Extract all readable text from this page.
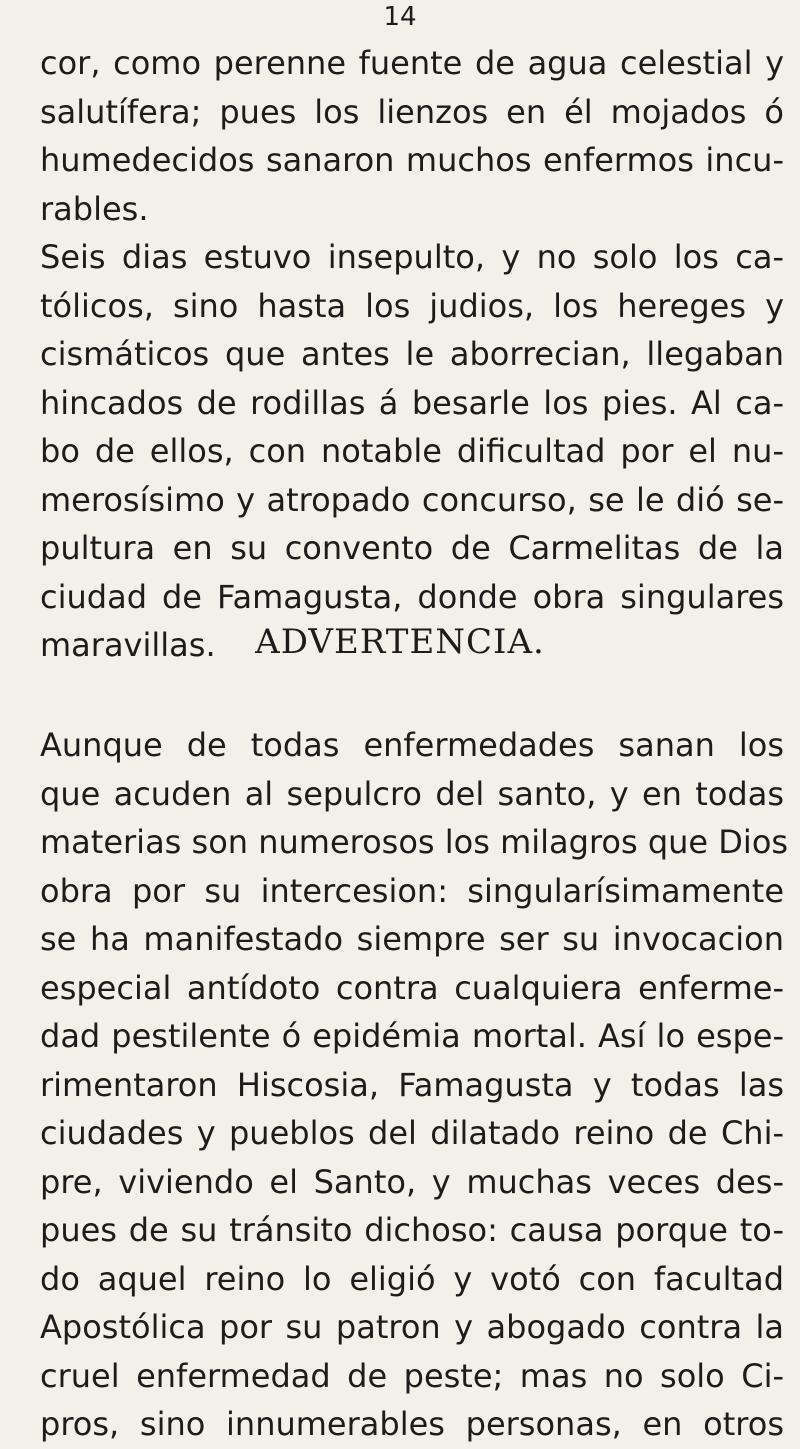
14
cor, como perenne fuente de agua celestial y
salutífera; pues los lienzos en él mojados ó
humedecidos sanaron muchos enfermos incu-
rables.
Seis dias estuvo insepulto, y no solo los ca-
tólicos, sino hasta los judios, los hereges y
cismáticos que antes le aborrecian, llegaban
hincados de rodillas á besarle los pies. Al ca-
bo de ellos, con notable dificultad por el nu-
merosísimo y atropado concurso, se le dió se-
pultura en su convento de Carmelitas de la
ciudad de Famagusta, donde obra singulares
maravillas.	ADVERTENCIA.
Aunque de todas enfermedades sanan los
que acuden al sepulcro del santo, y en todas
materias son numerosos los milagros que Dios
obra por su intercesion: singularísimamente
se ha manifestado siempre ser su invocacion
especial antídoto contra cualquiera enferme-
dad pestilente ó epidémia mortal. Así lo espe-
rimentaron Hiscosia, Famagusta y todas las
ciudades y pueblos del dilatado reino de Chi-
pre, viviendo el Santo, y muchas veces des-
pues de su tránsito dichoso: causa porque to-
do aquel reino lo eligió y votó con facultad
Apostólica por su patron y abogado contra la
cruel enfermedad de peste; mas no solo Ci-
pros, sino innumerables personas, en otros
